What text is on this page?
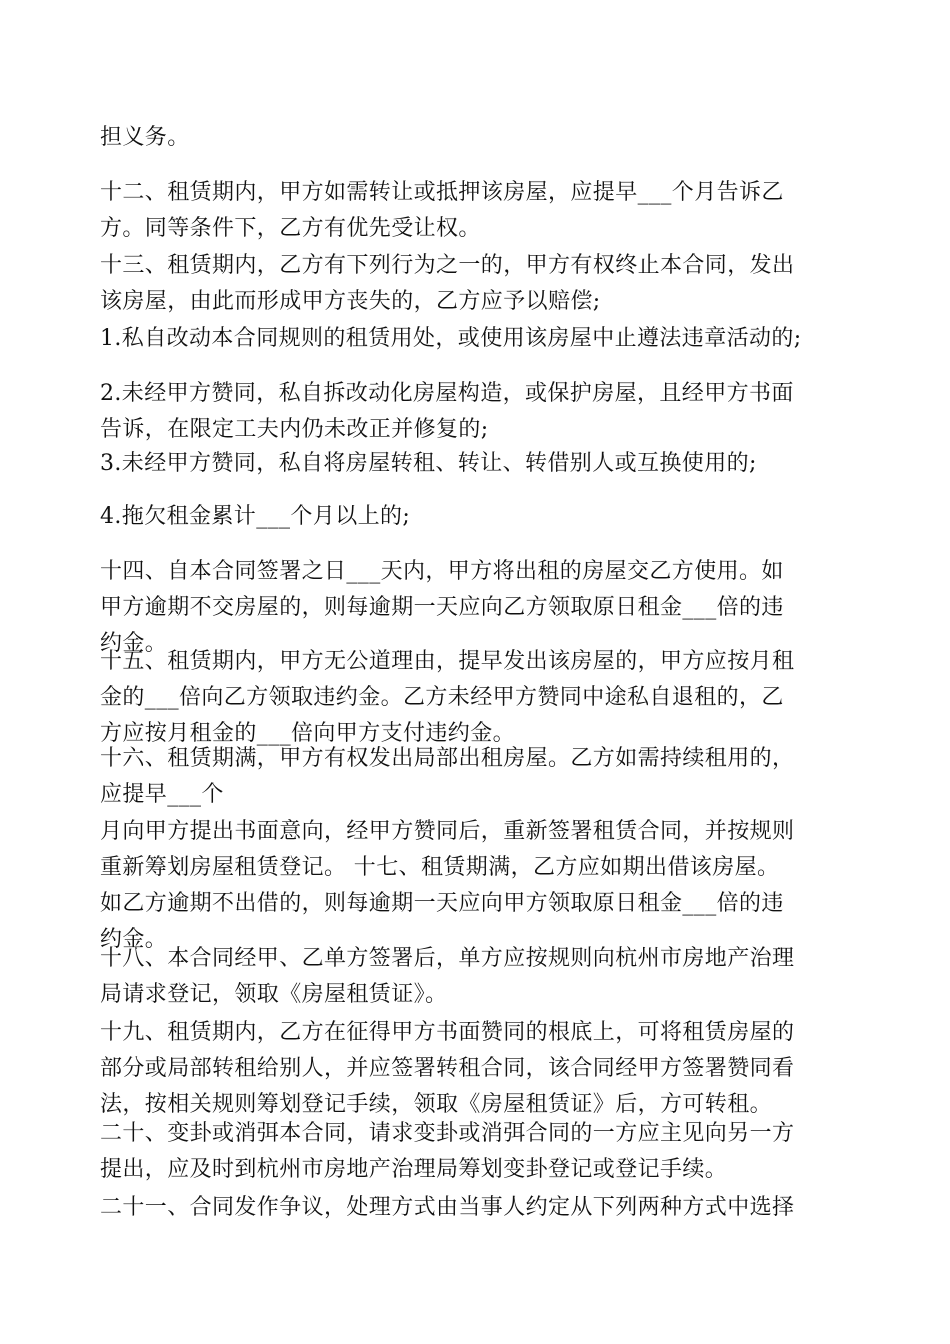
担义务。

十二、租赁期内，甲方如需转让或抵押该房屋，应提早___个月告诉乙
方。同等条件下，乙方有优先受让权。

十三、租赁期内，乙方有下列行为之一的，甲方有权终止本合同，发出
该房屋，由此而形成甲方丧失的，乙方应予以赔偿;

1.私自改动本合同规则的租赁用处，或使用该房屋中止遵法违章活动的;

2.未经甲方赞同，私自拆改动化房屋构造，或保护房屋，且经甲方书面
告诉，在限定工夫内仍未改正并修复的;

3.未经甲方赞同，私自将房屋转租、转让、转借别人或互换使用的;

4.拖欠租金累计___个月以上的;

十四、自本合同签署之日___天内，甲方将出租的房屋交乙方使用。如
甲方逾期不交房屋的，则每逾期一天应向乙方领取原日租金___倍的违
约金。

十五、租赁期内，甲方无公道理由，提早发出该房屋的，甲方应按月租
金的___倍向乙方领取违约金。乙方未经甲方赞同中途私自退租的，乙
方应按月租金的___倍向甲方支付违约金。

十六、租赁期满，甲方有权发出局部出租房屋。乙方如需持续租用的，
应提早___个

月向甲方提出书面意向，经甲方赞同后，重新签署租赁合同，并按规则
重新筹划房屋租赁登记。 十七、租赁期满，乙方应如期出借该房屋。
如乙方逾期不出借的，则每逾期一天应向甲方领取原日租金___倍的违
约金。

十八、本合同经甲、乙单方签署后，单方应按规则向杭州市房地产治理
局请求登记，领取《房屋租赁证》。

十九、租赁期内，乙方在征得甲方书面赞同的根底上，可将租赁房屋的
部分或局部转租给别人，并应签署转租合同，该合同经甲方签署赞同看
法，按相关规则筹划登记手续，领取《房屋租赁证》后，方可转租。

二十、变卦或消弭本合同，请求变卦或消弭合同的一方应主见向另一方
提出，应及时到杭州市房地产治理局筹划变卦登记或登记手续。

二十一、合同发作争议，处理方式由当事人约定从下列两种方式中选择
